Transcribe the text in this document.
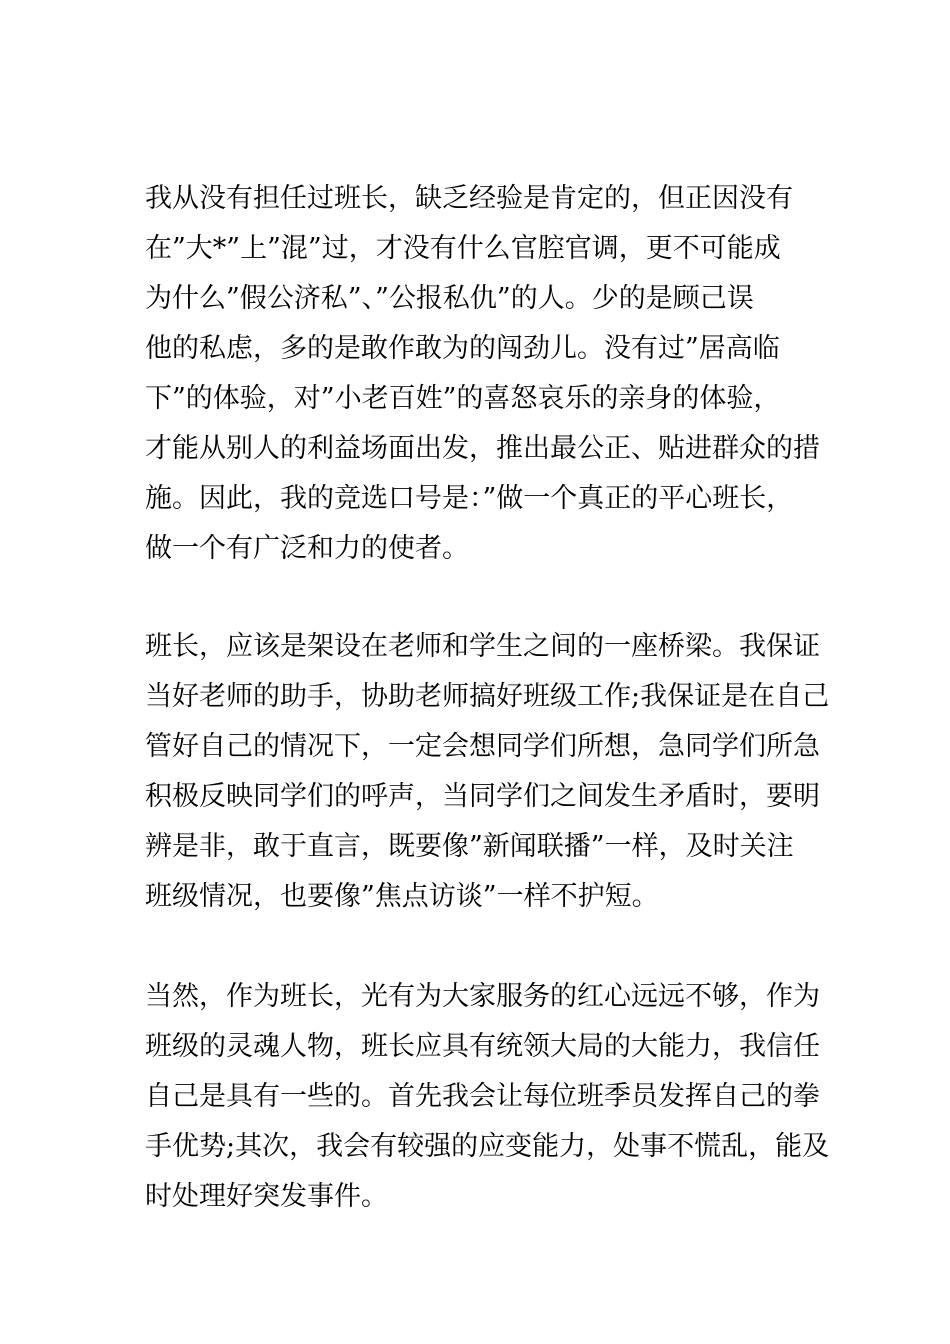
我从没有担任过班长，缺乏经验是肯定的，但正因没有
在”大*”上”混”过，才没有什么官腔官调，更不可能成
为什么”假公济私”、”公报私仇”的人。少的是顾己误
他的私虑，多的是敢作敢为的闯劲儿。没有过”居高临
下”的体验，对”小老百姓”的喜怒哀乐的亲身的体验，
才能从别人的利益场面出发，推出最公正、贴进群众的措
施。因此，我的竞选口号是：”做一个真正的平心班长，
做一个有广泛和力的使者。
班长，应该是架设在老师和学生之间的一座桥梁。我保证
当好老师的助手，协助老师搞好班级工作;我保证是在自己
管好自己的情况下，一定会想同学们所想，急同学们所急
积极反映同学们的呼声，当同学们之间发生矛盾时，要明
辨是非，敢于直言，既要像”新闻联播”一样，及时关注
班级情况，也要像”焦点访谈”一样不护短。
当然，作为班长，光有为大家服务的红心远远不够，作为
班级的灵魂人物，班长应具有统领大局的大能力，我信任
自己是具有一些的。首先我会让每位班季员发挥自己的拳
手优势;其次，我会有较强的应变能力，处事不慌乱，能及
时处理好突发事件。
